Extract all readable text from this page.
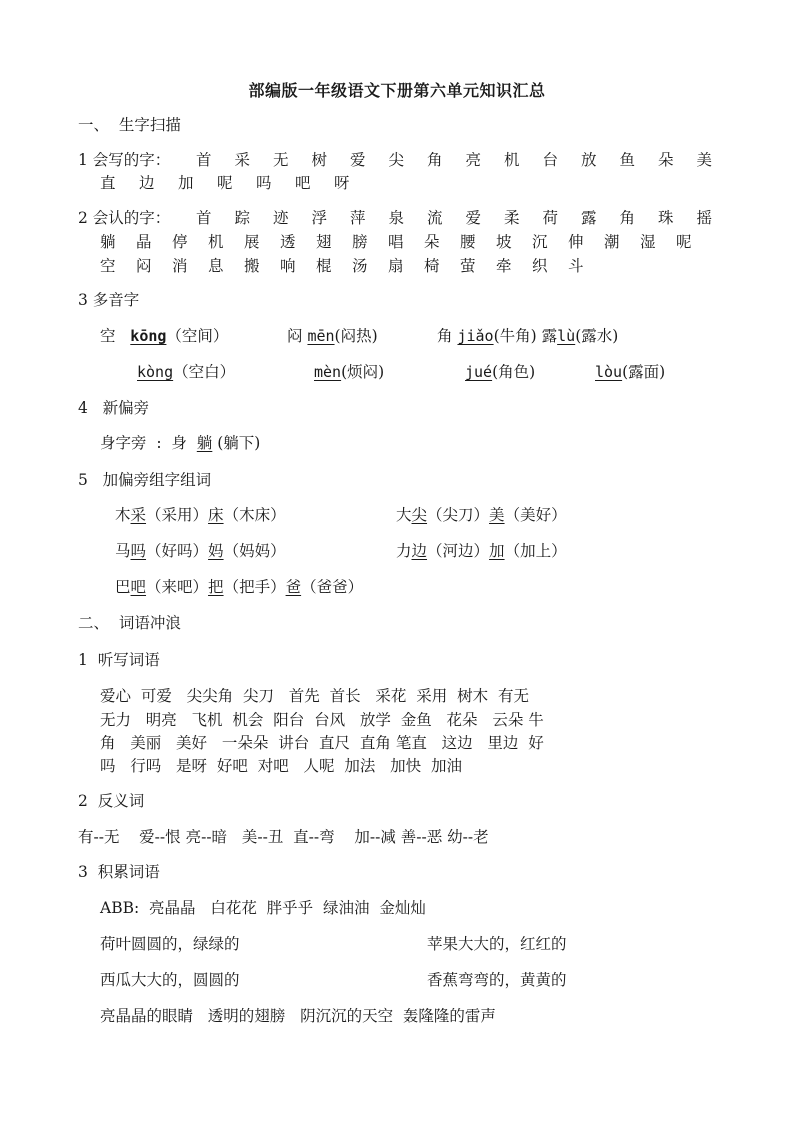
部编版一年级语文下册第六单元知识汇总
一、  生字扫描
1 会写的字： 首	采	无	树	爱	尖	角	亮	机	台	放	鱼	朵	美
直	边	加	呢	吗	吧	呀
2 会认的字： 首	踪	迹	浮	萍	泉	流	爱	柔	荷	露	角	珠	摇
躺	晶	停	机	展	透	翅	膀	唱	朵	腰	坡	沉	伸	潮	湿	呢
空	闷	消	息	搬	响	棍	汤	扇	椅	萤	牵	织	斗
3 多音字
空 kōng（空间）	闷 mēn(闷热)	角 jiǎo(牛角) 露lù(露水)
kòng（空白）	mèn(烦闷)	jué(角色)	lòu(露面)
4   新偏旁
身字旁  :  身  躺 (躺下)
5   加偏旁组字组词
木采（采用）床（木床）	大尖（尖刀）美（美好）
马吗（好吗）妈（妈妈）	力边（河边）加（加上）
巴吧（来吧）把（把手）爸（爸爸）
二、  词语冲浪
1  听写词语
爱心  可爱   尖尖角  尖刀   首先  首长   采花  采用  树木  有无
无力   明亮   飞机  机会  阳台  台风   放学  金鱼   花朵   云朵 牛
角   美丽   美好   一朵朵  讲台  直尺  直角 笔直   这边   里边  好
吗   行吗   是呀  好吧  对吧   人呢  加法   加快  加油
2  反义词
有--无    爱--恨 亮--暗   美--丑  直--弯    加--减 善--恶 幼--老
3  积累词语
ABB:  亮晶晶   白花花  胖乎乎  绿油油  金灿灿
荷叶圆圆的，绿绿的	苹果大大的，红红的
西瓜大大的，圆圆的	香蕉弯弯的，黄黄的
亮晶晶的眼睛   透明的翅膀   阴沉沉的天空  轰隆隆的雷声
